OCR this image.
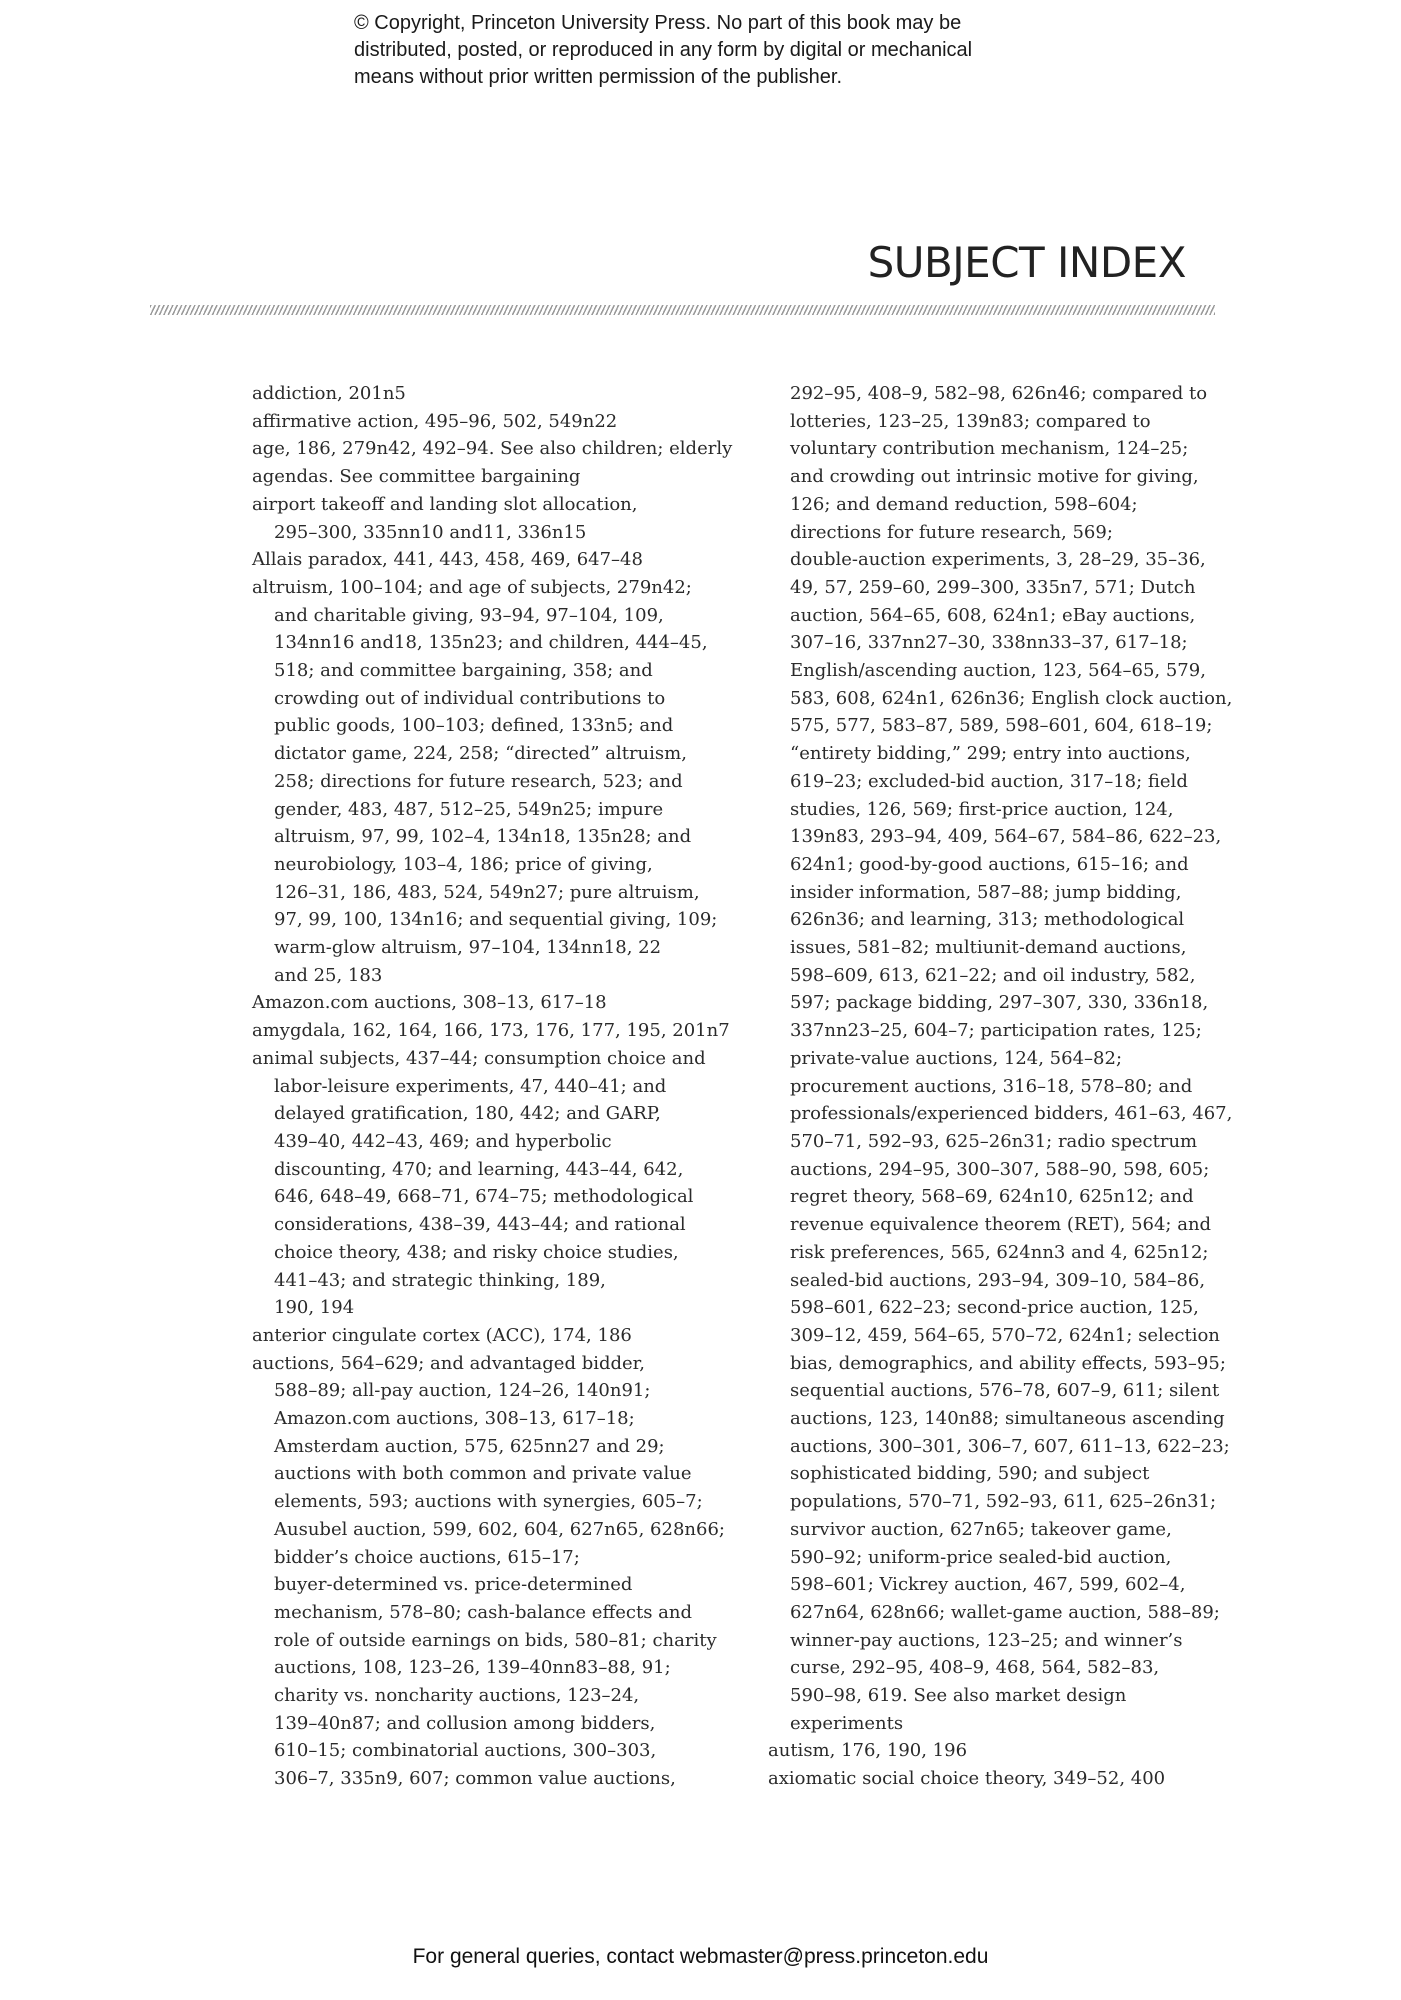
© Copyright, Princeton University Press. No part of this book may be
distributed, posted, or reproduced in any form by digital or mechanical
means without prior written permission of the publisher.
SUBJECT INDEX
addiction, 201n5
affirmative action, 495–96, 502, 549n22
age, 186, 279n42, 492–94. See also children; elderly
agendas. See committee bargaining
airport takeoff and landing slot allocation,
295–300, 335nn10 and11, 336n15
Allais paradox, 441, 443, 458, 469, 647–48
altruism, 100–104; and age of subjects, 279n42;
and charitable giving, 93–94, 97–104, 109,
134nn16 and18, 135n23; and children, 444–45,
518; and committee bargaining, 358; and
crowding out of individual contributions to
public goods, 100–103; defined, 133n5; and
dictator game, 224, 258; “directed” altruism,
258; directions for future research, 523; and
gender, 483, 487, 512–25, 549n25; impure
altruism, 97, 99, 102–4, 134n18, 135n28; and
neurobiology, 103–4, 186; price of giving,
126–31, 186, 483, 524, 549n27; pure altruism,
97, 99, 100, 134n16; and sequential giving, 109;
warm-glow altruism, 97–104, 134nn18, 22
and 25, 183
Amazon.com auctions, 308–13, 617–18
amygdala, 162, 164, 166, 173, 176, 177, 195, 201n7
animal subjects, 437–44; consumption choice and
labor-leisure experiments, 47, 440–41; and
delayed gratification, 180, 442; and GARP,
439–40, 442–43, 469; and hyperbolic
discounting, 470; and learning, 443–44, 642,
646, 648–49, 668–71, 674–75; methodological
considerations, 438–39, 443–44; and rational
choice theory, 438; and risky choice studies,
441–43; and strategic thinking, 189,
190, 194
anterior cingulate cortex (ACC), 174, 186
auctions, 564–629; and advantaged bidder,
588–89; all-pay auction, 124–26, 140n91;
Amazon.com auctions, 308–13, 617–18;
Amsterdam auction, 575, 625nn27 and 29;
auctions with both common and private value
elements, 593; auctions with synergies, 605–7;
Ausubel auction, 599, 602, 604, 627n65, 628n66;
bidder’s choice auctions, 615–17;
buyer-determined vs. price-determined
mechanism, 578–80; cash-balance effects and
role of outside earnings on bids, 580–81; charity
auctions, 108, 123–26, 139–40nn83–88, 91;
charity vs. noncharity auctions, 123–24,
139–40n87; and collusion among bidders,
610–15; combinatorial auctions, 300–303,
306–7, 335n9, 607; common value auctions,
292–95, 408–9, 582–98, 626n46; compared to
lotteries, 123–25, 139n83; compared to
voluntary contribution mechanism, 124–25;
and crowding out intrinsic motive for giving,
126; and demand reduction, 598–604;
directions for future research, 569;
double-auction experiments, 3, 28–29, 35–36,
49, 57, 259–60, 299–300, 335n7, 571; Dutch
auction, 564–65, 608, 624n1; eBay auctions,
307–16, 337nn27–30, 338nn33–37, 617–18;
English/ascending auction, 123, 564–65, 579,
583, 608, 624n1, 626n36; English clock auction,
575, 577, 583–87, 589, 598–601, 604, 618–19;
“entirety bidding,” 299; entry into auctions,
619–23; excluded-bid auction, 317–18; field
studies, 126, 569; first-price auction, 124,
139n83, 293–94, 409, 564–67, 584–86, 622–23,
624n1; good-by-good auctions, 615–16; and
insider information, 587–88; jump bidding,
626n36; and learning, 313; methodological
issues, 581–82; multiunit-demand auctions,
598–609, 613, 621–22; and oil industry, 582,
597; package bidding, 297–307, 330, 336n18,
337nn23–25, 604–7; participation rates, 125;
private-value auctions, 124, 564–82;
procurement auctions, 316–18, 578–80; and
professionals/experienced bidders, 461–63, 467,
570–71, 592–93, 625–26n31; radio spectrum
auctions, 294–95, 300–307, 588–90, 598, 605;
regret theory, 568–69, 624n10, 625n12; and
revenue equivalence theorem (RET), 564; and
risk preferences, 565, 624nn3 and 4, 625n12;
sealed-bid auctions, 293–94, 309–10, 584–86,
598–601, 622–23; second-price auction, 125,
309–12, 459, 564–65, 570–72, 624n1; selection
bias, demographics, and ability effects, 593–95;
sequential auctions, 576–78, 607–9, 611; silent
auctions, 123, 140n88; simultaneous ascending
auctions, 300–301, 306–7, 607, 611–13, 622–23;
sophisticated bidding, 590; and subject
populations, 570–71, 592–93, 611, 625–26n31;
survivor auction, 627n65; takeover game,
590–92; uniform-price sealed-bid auction,
598–601; Vickrey auction, 467, 599, 602–4,
627n64, 628n66; wallet-game auction, 588–89;
winner-pay auctions, 123–25; and winner’s
curse, 292–95, 408–9, 468, 564, 582–83,
590–98, 619. See also market design
experiments
autism, 176, 190, 196
axiomatic social choice theory, 349–52, 400
For general queries, contact webmaster@press.princeton.edu
